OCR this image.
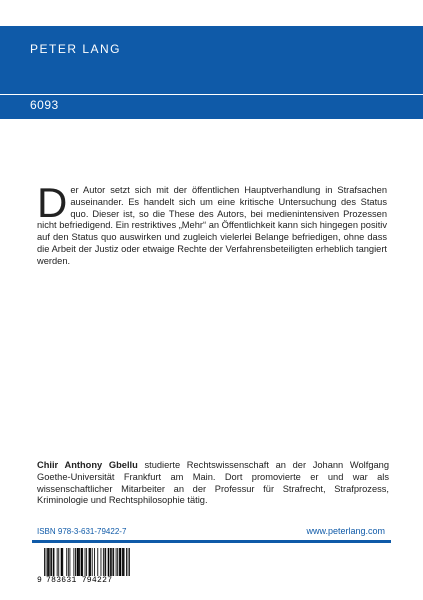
PETER LANG
6093
Der Autor setzt sich mit der öffentlichen Hauptverhandlung in Strafsachen auseinander. Es handelt sich um eine kritische Untersuchung des Status quo. Dieser ist, so die These des Autors, bei medienintensiven Prozessen nicht befriedigend. Ein restriktives „Mehr“ an Öffentlichkeit kann sich hingegen positiv auf den Status quo auswirken und zugleich vielerlei Belange befriedigen, ohne dass die Arbeit der Justiz oder etwaige Rechte der Verfahrensbeteiligten erheblich tangiert werden.
Chiir Anthony Gbellu studierte Rechtswissenschaft an der Johann Wolfgang Goethe-Universität Frankfurt am Main. Dort promovierte er und war als wissenschaftlicher Mitarbeiter an der Professur für Strafrecht, Strafprozess, Kriminologie und Rechtsphilosophie tätig.
ISBN 978-3-631-79422-7	www.peterlang.com
9 783631 794227
